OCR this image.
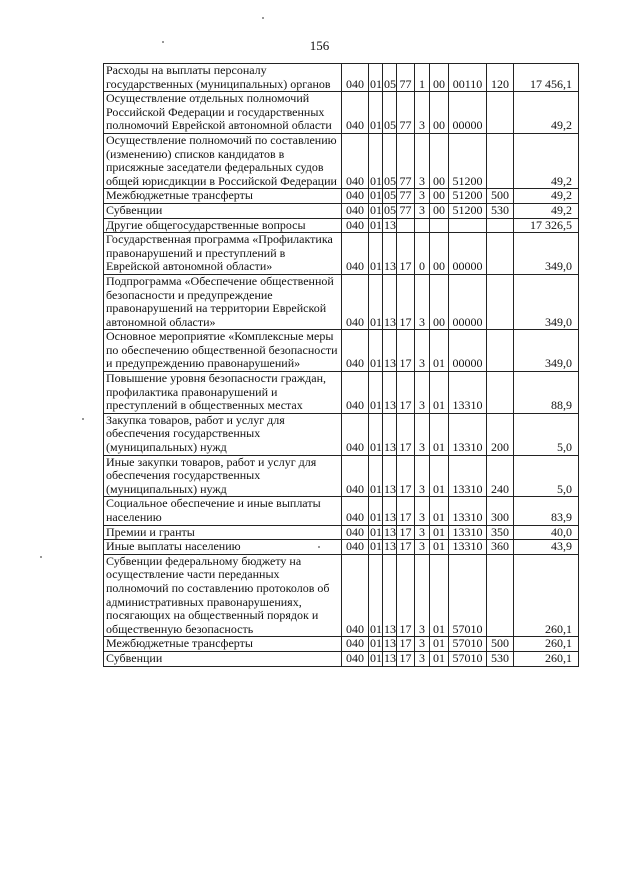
156
Расходы на выплаты персоналу государственных (муниципальных) органов	040	01	05	77	1	00	00110	120	17 456,1
Осуществление отдельных полномочий Российской Федерации и государственных полномочий Еврейской автономной области	040	01	05	77	3	00	00000		49,2
Осуществление полномочий по составлению (изменению) списков кандидатов в присяжные заседатели федеральных судов общей юрисдикции в Российской Федерации	040	01	05	77	3	00	51200		49,2
Межбюджетные трансферты	040	01	05	77	3	00	51200	500	49,2
Субвенции	040	01	05	77	3	00	51200	530	49,2
Другие общегосударственные вопросы	040	01	13						17 326,5
Государственная программа «Профилактика правонарушений и преступлений в Еврейской автономной области»	040	01	13	17	0	00	00000		349,0
Подпрограмма «Обеспечение общественной безопасности и предупреждение правонарушений на территории Еврейской автономной области»	040	01	13	17	3	00	00000		349,0
Основное мероприятие «Комплексные меры по обеспечению общественной безопасности и предупреждению правонарушений»	040	01	13	17	3	01	00000		349,0
Повышение уровня безопасности граждан, профилактика правонарушений и преступлений в общественных местах	040	01	13	17	3	01	13310		88,9
Закупка товаров, работ и услуг для обеспечения государственных (муниципальных) нужд	040	01	13	17	3	01	13310	200	5,0
Иные закупки товаров, работ и услуг для обеспечения государственных (муниципальных) нужд	040	01	13	17	3	01	13310	240	5,0
Социальное обеспечение и иные выплаты населению	040	01	13	17	3	01	13310	300	83,9
Премии и гранты	040	01	13	17	3	01	13310	350	40,0
Иные выплаты населению	040	01	13	17	3	01	13310	360	43,9
Субвенции федеральному бюджету на осуществление части переданных полномочий по составлению протоколов об административных правонарушениях, посягающих на общественный порядок и общественную безопасность	040	01	13	17	3	01	57010		260,1
Межбюджетные трансферты	040	01	13	17	3	01	57010	500	260,1
Субвенции	040	01	13	17	3	01	57010	530	260,1
